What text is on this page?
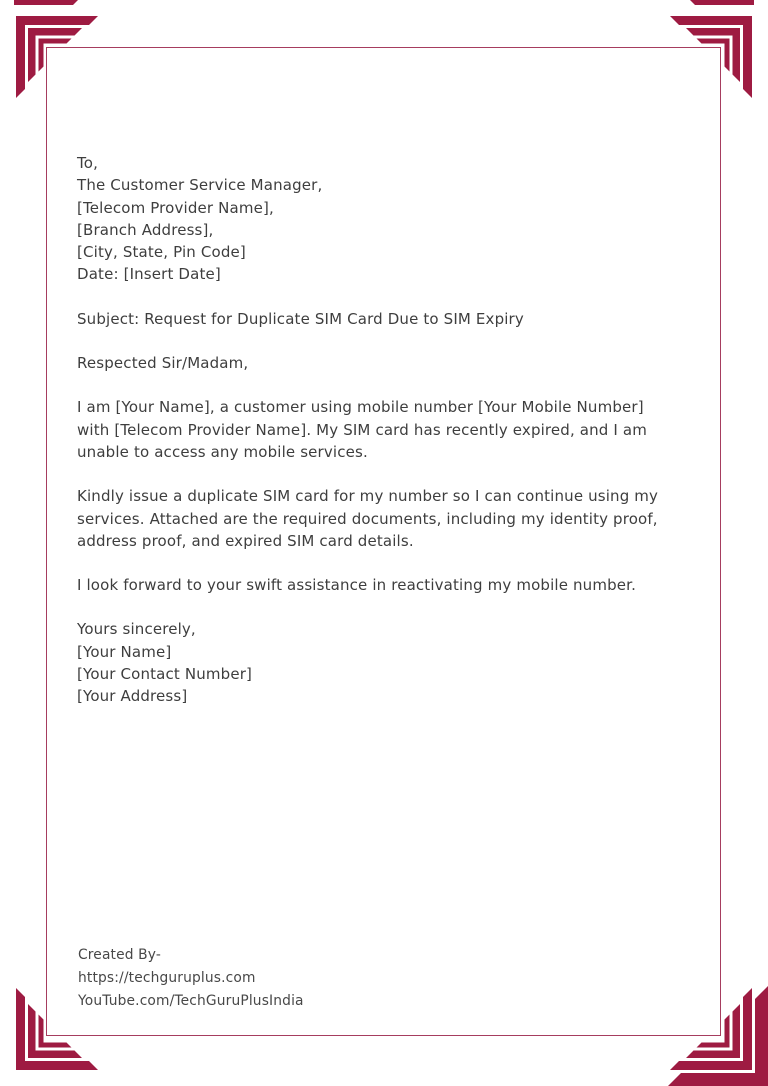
To,
The Customer Service Manager,
[Telecom Provider Name],
[Branch Address],
[City, State, Pin Code]
Date: [Insert Date]
Subject: Request for Duplicate SIM Card Due to SIM Expiry
Respected Sir/Madam,
I am [Your Name], a customer using mobile number [Your Mobile Number]
with [Telecom Provider Name]. My SIM card has recently expired, and I am
unable to access any mobile services.
Kindly issue a duplicate SIM card for my number so I can continue using my
services. Attached are the required documents, including my identity proof,
address proof, and expired SIM card details.
I look forward to your swift assistance in reactivating my mobile number.
Yours sincerely,
[Your Name]
[Your Contact Number]
[Your Address]
Created By-
https://techguruplus.com
YouTube.com/TechGuruPlusIndia
